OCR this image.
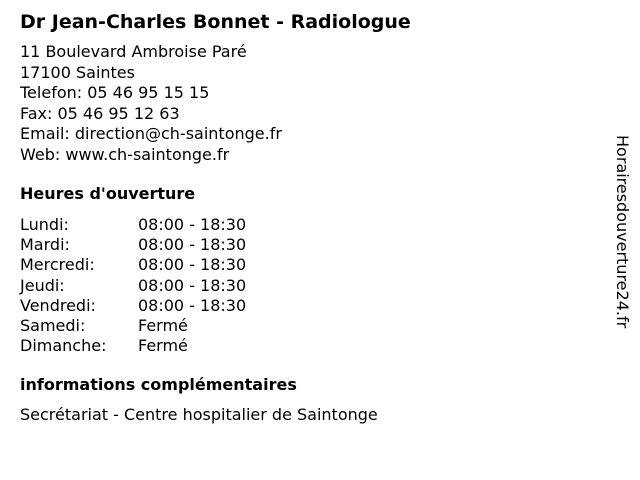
Dr Jean-Charles Bonnet - Radiologue
11 Boulevard Ambroise Paré
17100 Saintes
Telefon: 05 46 95 15 15
Fax: 05 46 95 12 63
Email: direction@ch-saintonge.fr
Web: www.ch-saintonge.fr
Heures d'ouverture
Lundi:	08:00 - 18:30
Mardi:	08:00 - 18:30
Mercredi:	08:00 - 18:30
Jeudi:	08:00 - 18:30
Vendredi:	08:00 - 18:30
Samedi:	Fermé
Dimanche:	Fermé
informations complémentaires
Secrétariat - Centre hospitalier de Saintonge
Horairesdouverture24.fr
